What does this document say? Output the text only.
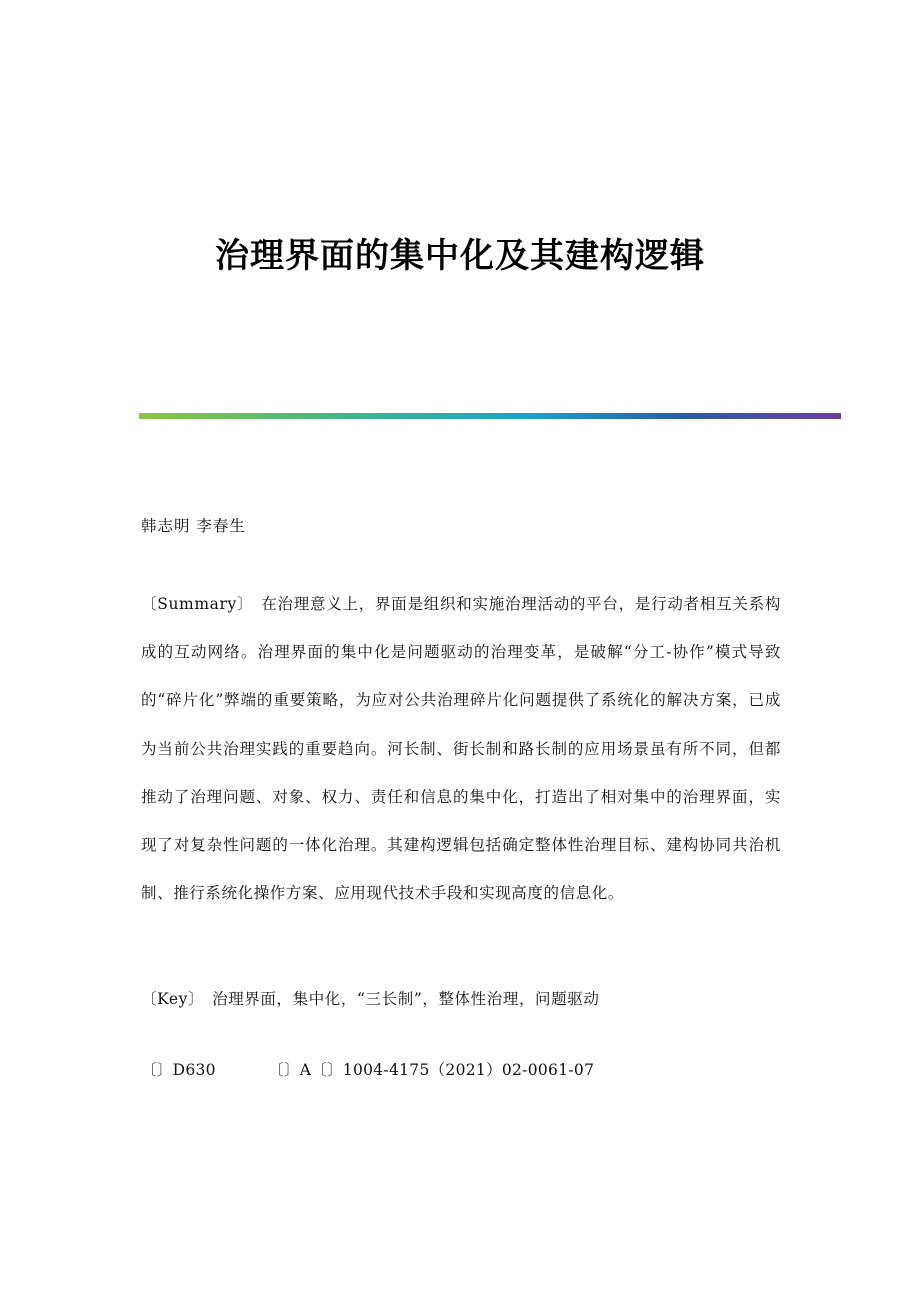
治理界面的集中化及其建构逻辑
韩志明 李春生

〔Summary〕 在治理意义上，界面是组织和实施治理活动的平台，是行动者相互关系构成的互动网络。治理界面的集中化是问题驱动的治理变革，是破解“分工-协作”模式导致的“碎片化”弊端的重要策略，为应对公共治理碎片化问题提供了系统化的解决方案，已成为当前公共治理实践的重要趋向。河长制、街长制和路长制的应用场景虽有所不同，但都推动了治理问题、对象、权力、责任和信息的集中化，打造出了相对集中的治理界面，实现了对复杂性问题的一体化治理。其建构逻辑包括确定整体性治理目标、建构协同共治机制、推行系统化操作方案、应用现代技术手段和实现高度的信息化。

〔Key〕 治理界面，集中化，“三长制”，整体性治理，问题驱动
〔〕D630	〔〕A〔〕1004-4175（2021）02-0061-07
